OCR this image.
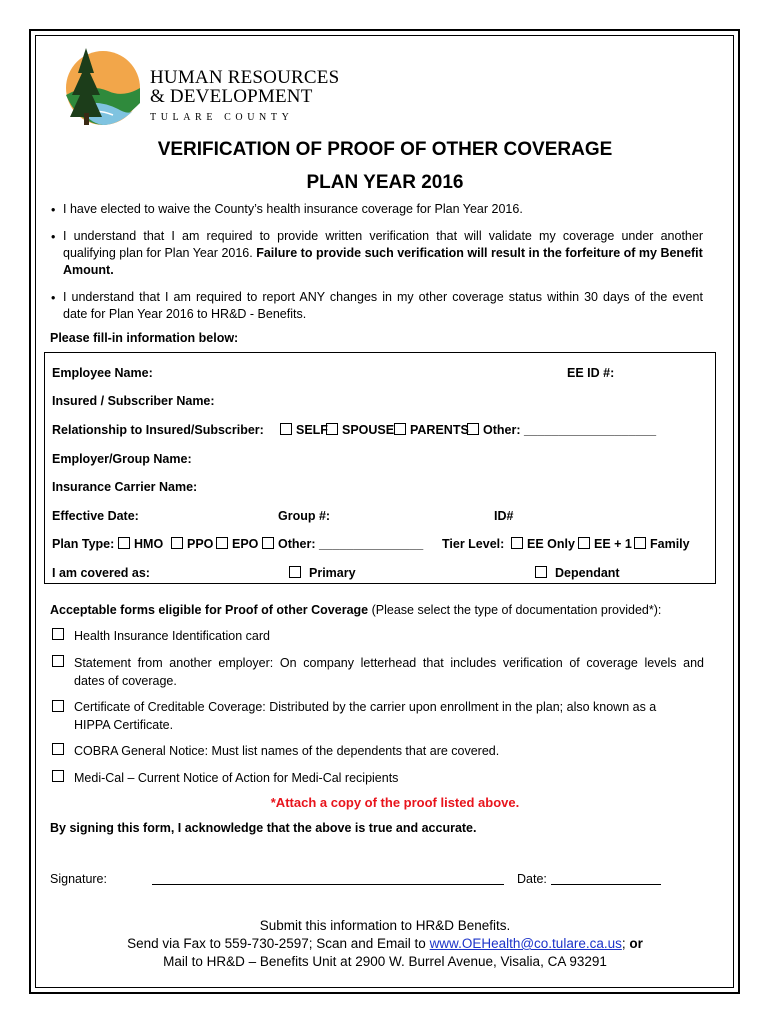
HUMAN RESOURCES
& DEVELOPMENT
TULARE COUNTY
VERIFICATION OF PROOF OF OTHER COVERAGE
PLAN YEAR 2016
• I have elected to waive the County’s health insurance coverage for Plan Year 2016.
• I understand that I am required to provide written verification that will validate my coverage under another
qualifying plan for Plan Year 2016. Failure to provide such verification will result in the forfeiture of my Benefit
Amount.
• I understand that I am required to report ANY changes in my other coverage status within 30 days of the event
date for Plan Year 2016 to HR&D - Benefits.
Please fill-in information below:
Employee Name:	EE ID #:
Insured / Subscriber Name:
Relationship to Insured/Subscriber:	SELF	SPOUSE	PARENTS	Other: ___________________
Employer/Group Name:
Insurance Carrier Name:
Effective Date:	Group #:	ID#
Plan Type:	HMO	PPO	EPO	Other: _______________ Tier Level:	EE Only	EE + 1	Family
I am covered as:	Primary	Dependant
Acceptable forms eligible for Proof of other Coverage (Please select the type of documentation provided*):
Health Insurance Identification card
Statement from another employer: On company letterhead that includes verification of coverage levels and
dates of coverage.
Certificate of Creditable Coverage: Distributed by the carrier upon enrollment in the plan; also known as a
HIPPA Certificate.
COBRA General Notice: Must list names of the dependents that are covered.
Medi-Cal – Current Notice of Action for Medi-Cal recipients
*Attach a copy of the proof listed above.
By signing this form, I acknowledge that the above is true and accurate.
Signature:	Date:
Submit this information to HR&D Benefits.
Send via Fax to 559-730-2597; Scan and Email to www.OEHealth@co.tulare.ca.us; or
Mail to HR&D – Benefits Unit at 2900 W. Burrel Avenue, Visalia, CA 93291
